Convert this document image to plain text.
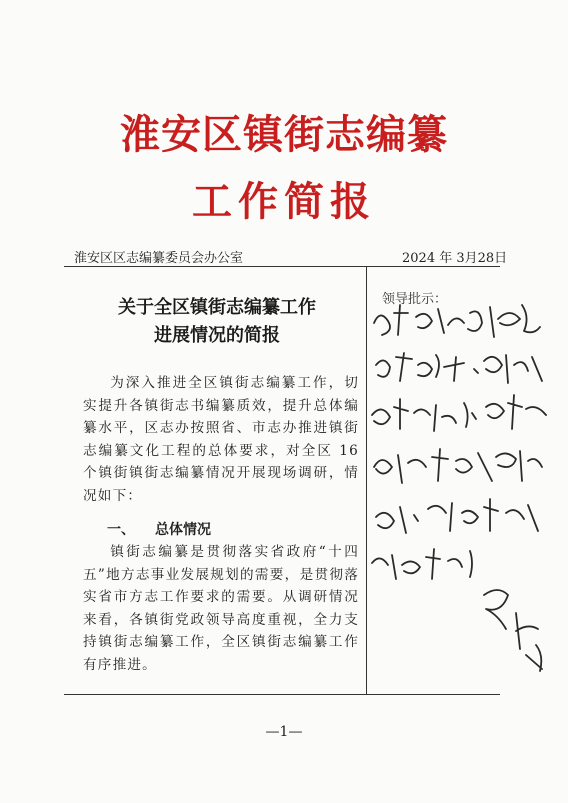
淮安区镇街志编纂
工作简报
淮安区区志编纂委员会办公室	2024 年 3月28日
关于全区镇街志编纂工作
进展情况的简报
为深入推进全区镇街志编纂工作，切实提升各镇街志书编纂质效，提升总体编纂水平，区志办按照省、市志办推进镇街志编纂文化工程的总体要求，对全区 16 个镇街镇街志编纂情况开展现场调研，情况如下：
一、 总体情况
镇街志编纂是贯彻落实省政府“十四五”地方志事业发展规划的需要，是贯彻落实省市方志工作要求的需要。从调研情况来看，各镇街党政领导高度重视，全力支持镇街志编纂工作，全区镇街志编纂工作有序推进。
领导批示：
—1—
